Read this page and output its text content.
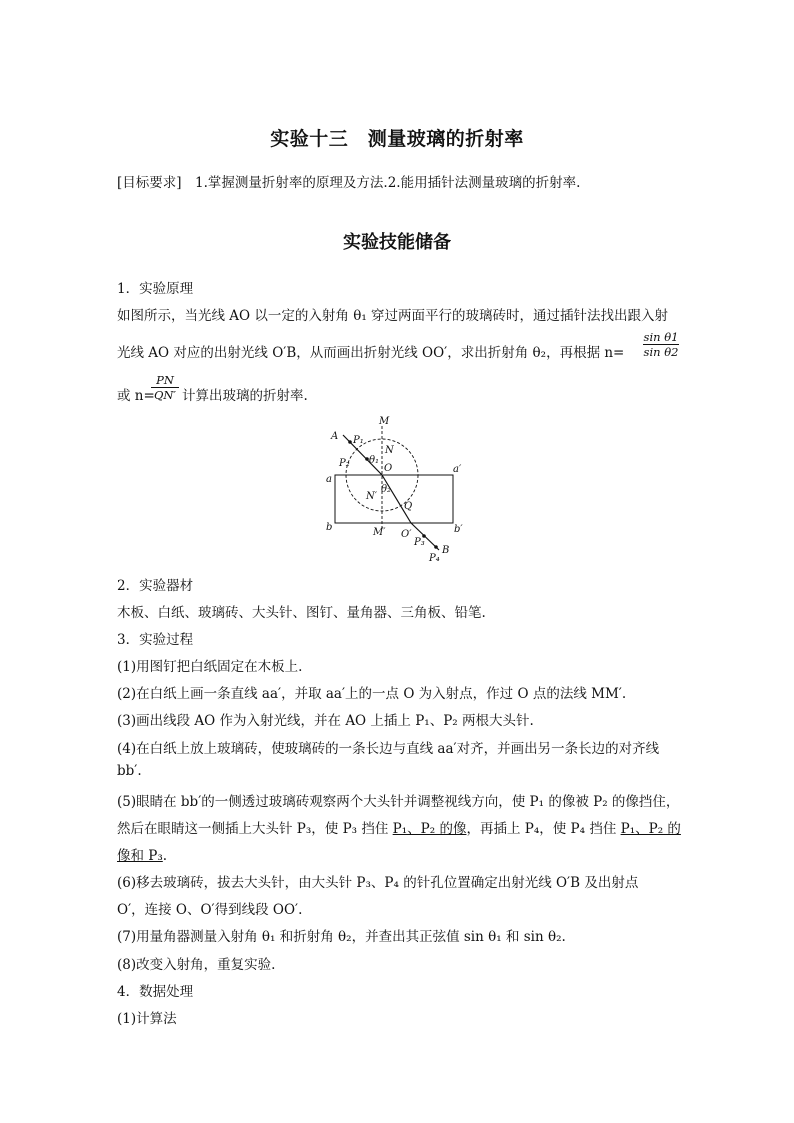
实验十三　测量玻璃的折射率
[目标要求]　1.掌握测量折射率的原理及方法.2.能用插针法测量玻璃的折射率.
实验技能储备
1．实验原理
如图所示，当光线 AO 以一定的入射角 θ₁ 穿过两面平行的玻璃砖时，通过插针法找出跟入射
光线 AO 对应的出射光线 O′B，从而画出折射光线 OO′，求出折射角 θ₂，再根据 $n= \frac{\text{sin θ1}}{\text{sin θ2}}$
或 n=
$\frac{PN}{QN'}$ 计算出玻璃的折射率.
M
A P₁
P₂
N
θ₁
O
a
a′
N′
θ₂
Q
b	M′ O′
P₃
B
P₄
b′
2．实验器材
木板、白纸、玻璃砖、大头针、图钉、量角器、三角板、铅笔.
3．实验过程
(1)用图钉把白纸固定在木板上.
(2)在白纸上画一条直线 aa′，并取 aa′上的一点 O 为入射点，作过 O 点的法线 MM′.
(3)画出线段 AO 作为入射光线，并在 AO 上插上 P₁、P₂ 两根大头针.
(4)在白纸上放上玻璃砖，使玻璃砖的一条长边与直线 aa′对齐，并画出另一条长边的对齐线
bb′.
(5)眼睛在 bb′的一侧透过玻璃砖观察两个大头针并调整视线方向，使 P₁ 的像被 P₂ 的像挡住，
然后在眼睛这一侧插上大头针 P₃，使 P₃ 挡住 P₁、P₂ 的像，再插上 P₄，使 P₄ 挡住 P₁、P₂ 的
像和 P₃.
(6)移去玻璃砖，拔去大头针，由大头针 P₃、P₄ 的针孔位置确定出射光线 O′B 及出射点
O′，连接 O、O′得到线段 OO′.
(7)用量角器测量入射角 θ₁ 和折射角 θ₂，并查出其正弦值 sin θ₁ 和 sin θ₂.
(8)改变入射角，重复实验.
4．数据处理
(1)计算法
